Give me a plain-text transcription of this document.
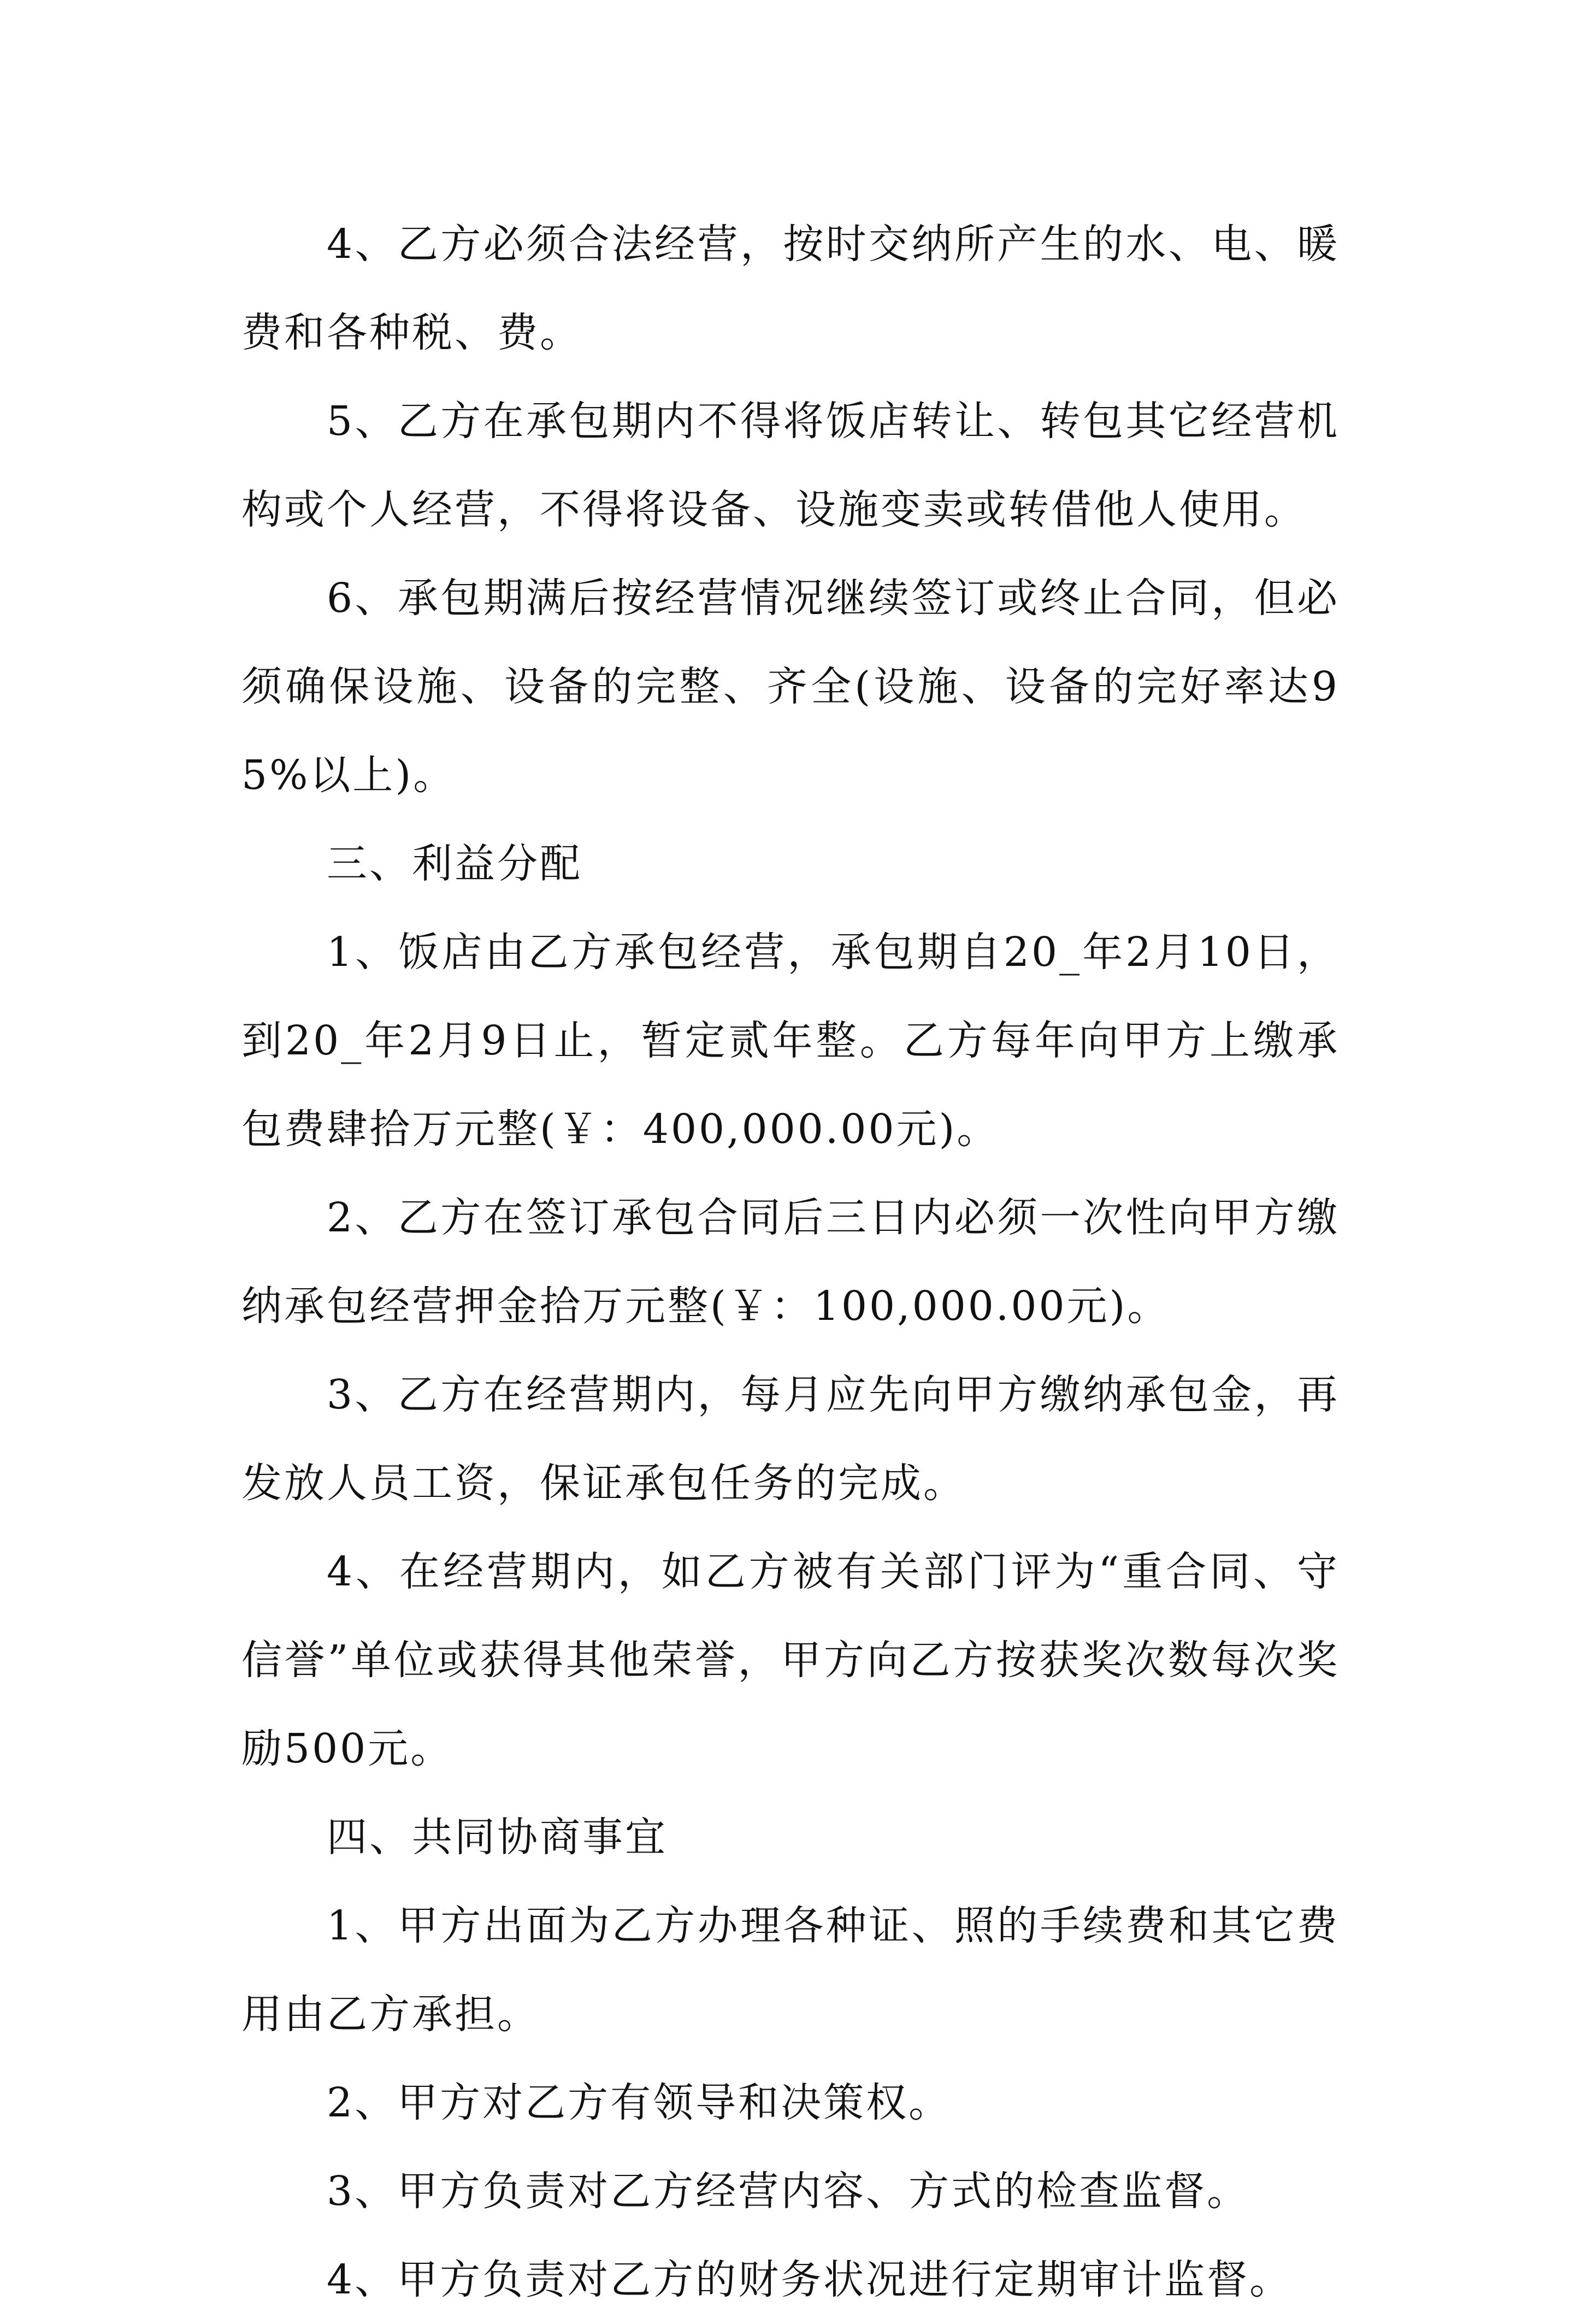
4、乙方必须合法经营，按时交纳所产生的水、电、暖费和各种税、费。

5、乙方在承包期内不得将饭店转让、转包其它经营机构或个人经营，不得将设备、设施变卖或转借他人使用。

6、承包期满后按经营情况继续签订或终止合同，但必须确保设施、设备的完整、齐全(设施、设备的完好率达95%以上)。

三、利益分配

1、饭店由乙方承包经营，承包期自20_年2月10日，到20_年2月9日止，暂定贰年整。乙方每年向甲方上缴承包费肆拾万元整(￥：400,000.00元)。

2、乙方在签订承包合同后三日内必须一次性向甲方缴纳承包经营押金拾万元整(￥：100,000.00元)。

3、乙方在经营期内，每月应先向甲方缴纳承包金，再发放人员工资，保证承包任务的完成。

4、在经营期内，如乙方被有关部门评为“重合同、守信誉”单位或获得其他荣誉，甲方向乙方按获奖次数每次奖励500元。

四、共同协商事宜

1、甲方出面为乙方办理各种证、照的手续费和其它费用由乙方承担。

2、甲方对乙方有领导和决策权。

3、甲方负责对乙方经营内容、方式的检查监督。

4、甲方负责对乙方的财务状况进行定期审计监督。
